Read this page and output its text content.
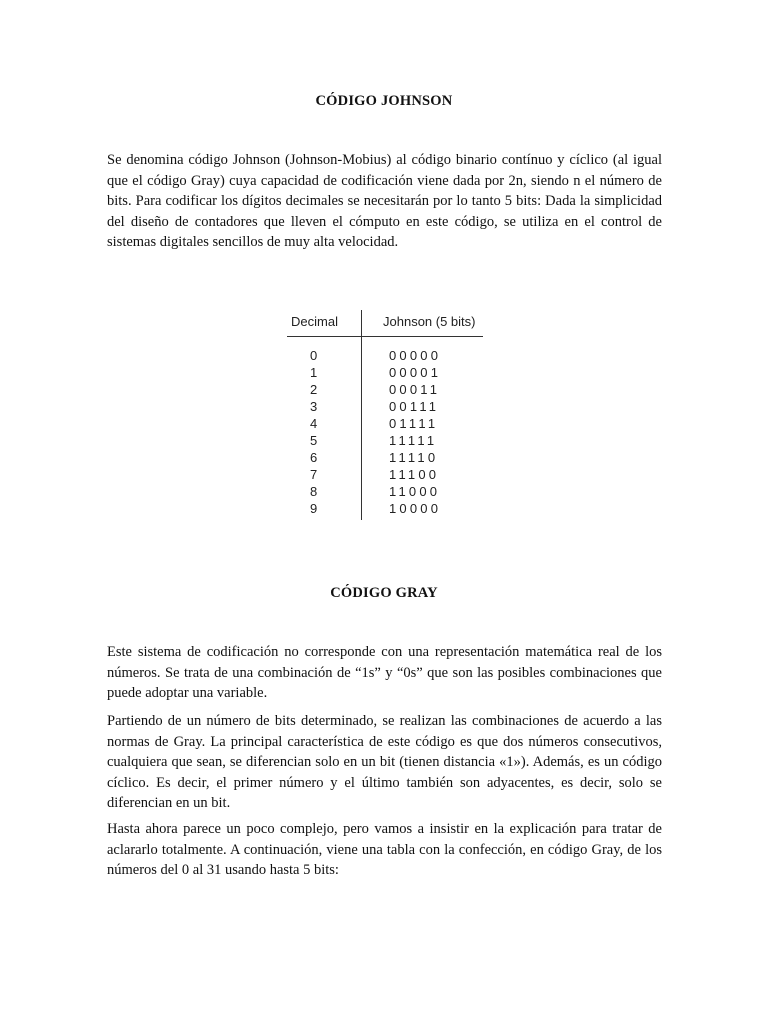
CÓDIGO JOHNSON

Se denomina código Johnson (Johnson-Mobius) al código binario contínuo y cíclico (al igual que el código Gray) cuya capacidad de codificación viene dada por 2n, siendo n el número de bits. Para codificar los dígitos decimales se necesitarán por lo tanto 5 bits: Dada la simplicidad del diseño de contadores que lleven el cómputo en este código, se utiliza en el control de sistemas digitales sencillos de muy alta velocidad.

Decimal	Johnson (5 bits)
0	00000
1	00001
2	00011
3	00111
4	01111
5	11111
6	11110
7	11100
8	11000
9	10000
CÓDIGO GRAY

Este sistema de codificación no corresponde con una representación matemática real de los números. Se trata de una combinación de “1s” y “0s” que son las posibles combinaciones que puede adoptar una variable.

Partiendo de un número de bits determinado, se realizan las combinaciones de acuerdo a las normas de Gray. La principal característica de este código es que dos números consecutivos, cualquiera que sean, se diferencian solo en un bit (tienen distancia «1»). Además, es un código cíclico. Es decir, el primer número y el último también son adyacentes, es decir, solo se diferencian en un bit.

Hasta ahora parece un poco complejo, pero vamos a insistir en la explicación para tratar de aclararlo totalmente. A continuación, viene una tabla con la confección, en código Gray, de los números del 0 al 31 usando hasta 5 bits:
